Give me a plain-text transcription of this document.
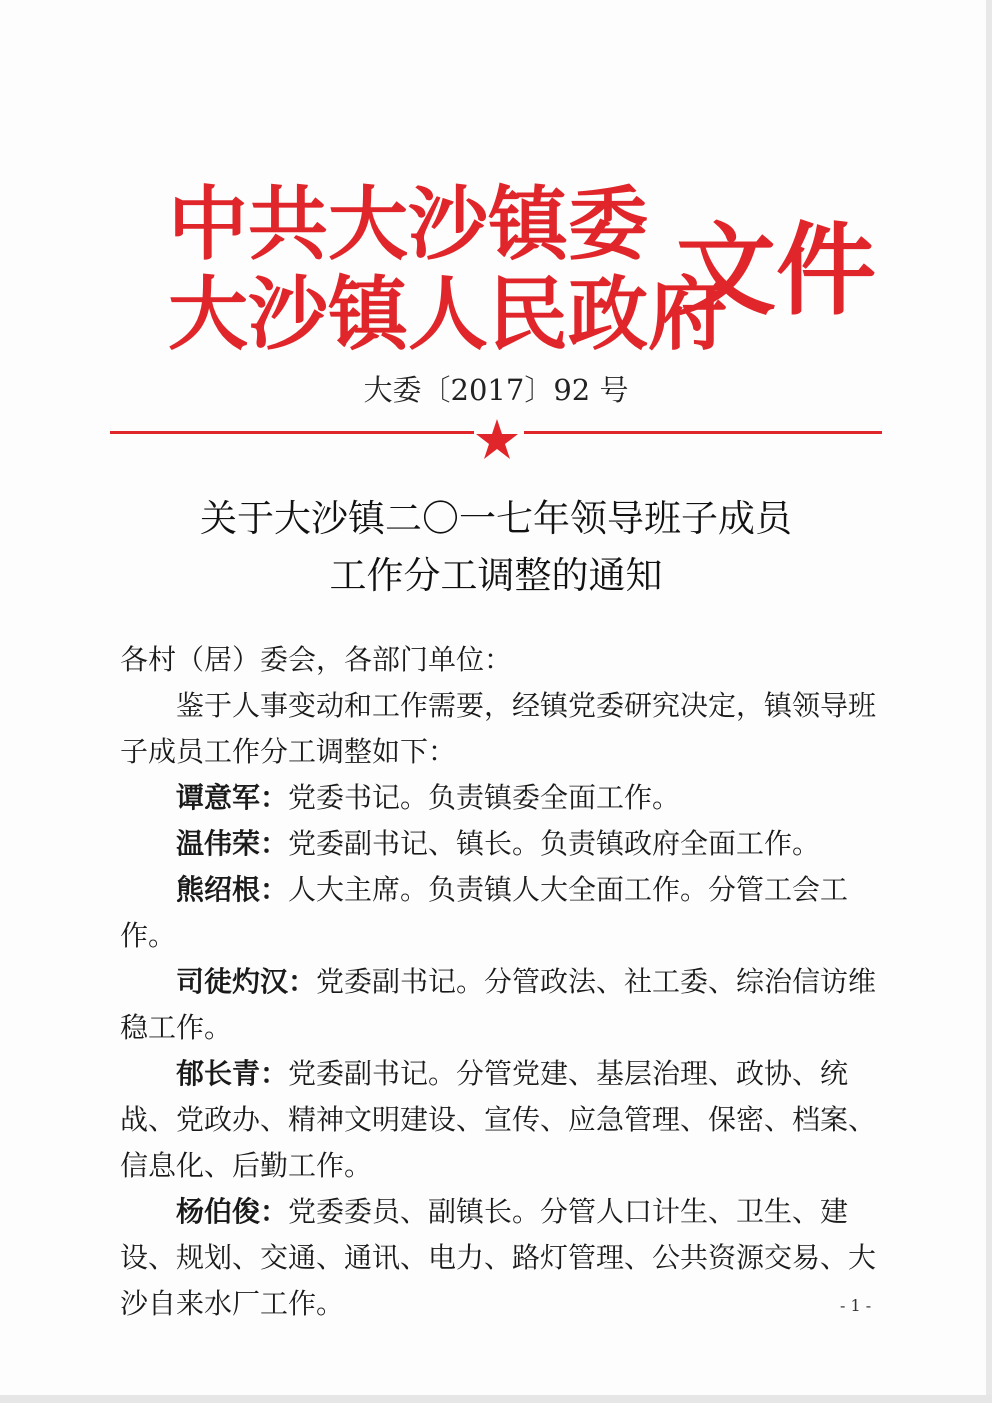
中共大沙镇委
大沙镇人民政府
文件
大委〔2017〕92 号
关于大沙镇二〇一七年领导班子成员
工作分工调整的通知

各村（居）委会，各部门单位：

鉴于人事变动和工作需要，经镇党委研究决定，镇领导班子成员工作分工调整如下：

谭意军：党委书记。负责镇委全面工作。

温伟荣：党委副书记、镇长。负责镇政府全面工作。

熊绍根：人大主席。负责镇人大全面工作。分管工会工作。

司徒灼汉：党委副书记。分管政法、社工委、综治信访维稳工作。

郁长青：党委副书记。分管党建、基层治理、政协、统战、党政办、精神文明建设、宣传、应急管理、保密、档案、信息化、后勤工作。

杨伯俊：党委委员、副镇长。分管人口计生、卫生、建设、规划、交通、通讯、电力、路灯管理、公共资源交易、大沙自来水厂工作。	- 1 -
